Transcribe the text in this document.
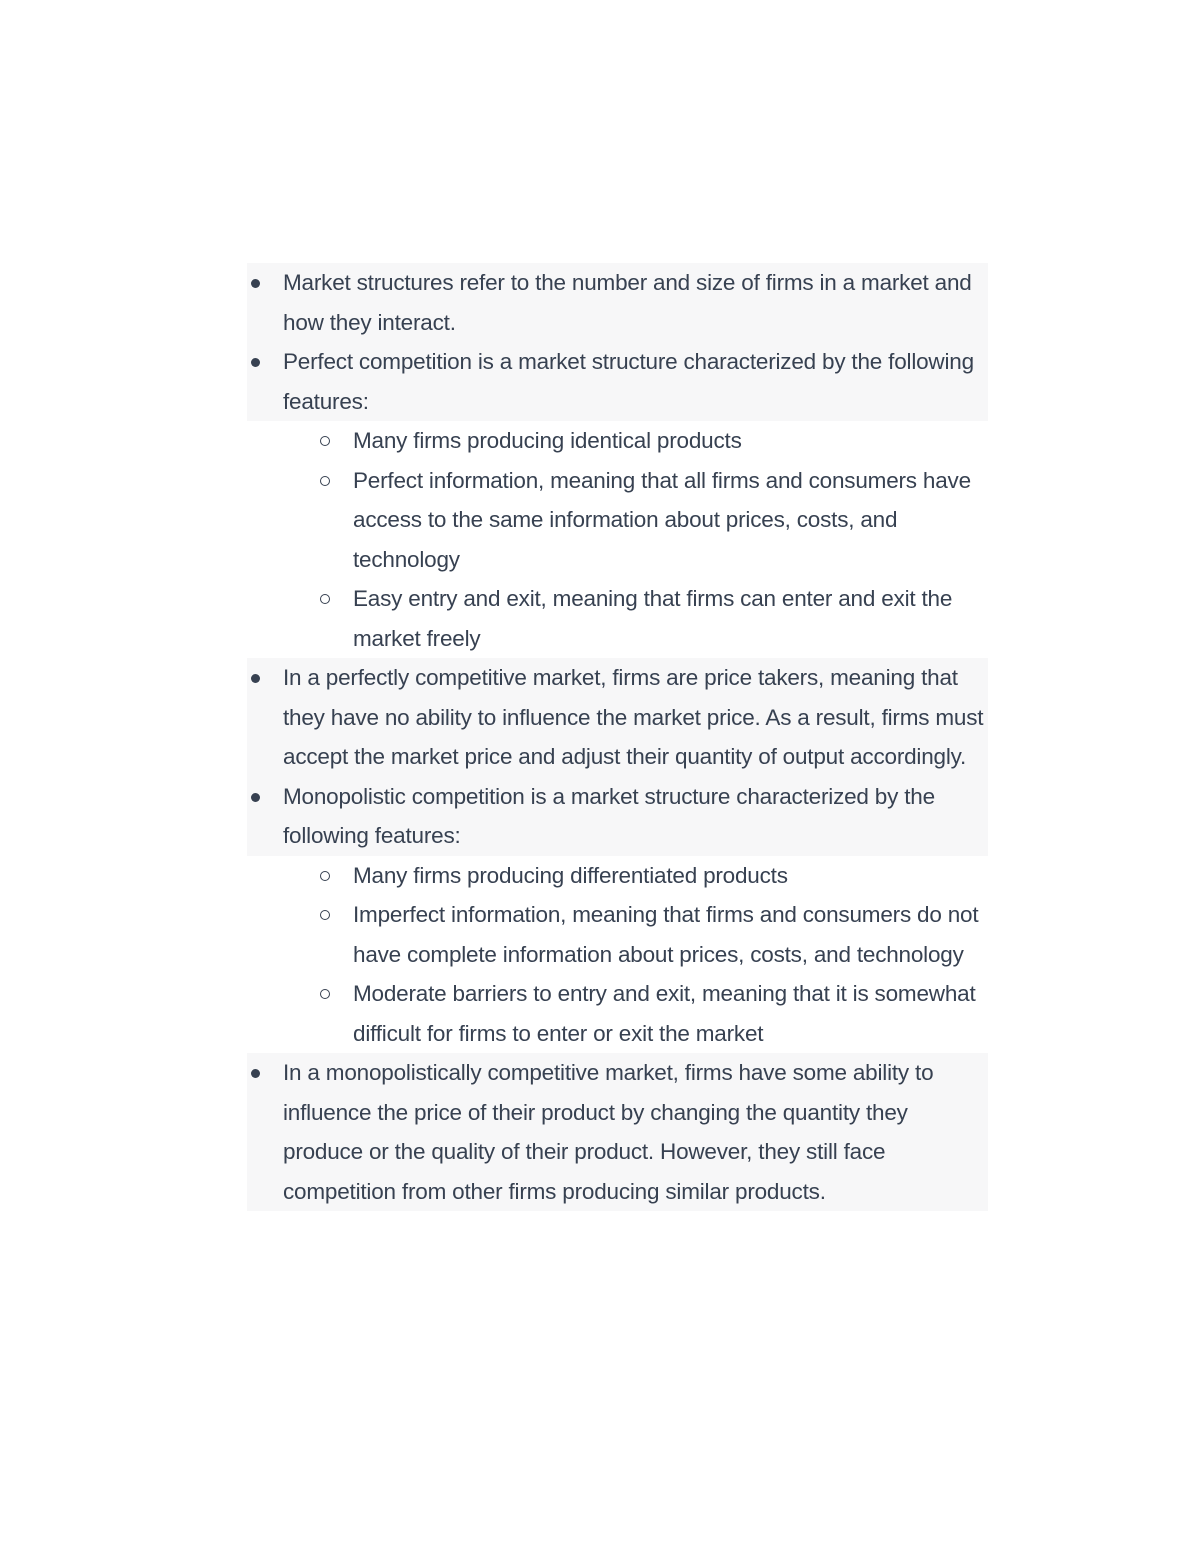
Market structures refer to the number and size of firms in a market and how they interact.
Perfect competition is a market structure characterized by the following features:
Many firms producing identical products
Perfect information, meaning that all firms and consumers have access to the same information about prices, costs, and technology
Easy entry and exit, meaning that firms can enter and exit the market freely
In a perfectly competitive market, firms are price takers, meaning that they have no ability to influence the market price. As a result, firms must accept the market price and adjust their quantity of output accordingly.
Monopolistic competition is a market structure characterized by the following features:
Many firms producing differentiated products
Imperfect information, meaning that firms and consumers do not have complete information about prices, costs, and technology
Moderate barriers to entry and exit, meaning that it is somewhat difficult for firms to enter or exit the market
In a monopolistically competitive market, firms have some ability to influence the price of their product by changing the quantity they produce or the quality of their product. However, they still face competition from other firms producing similar products.
